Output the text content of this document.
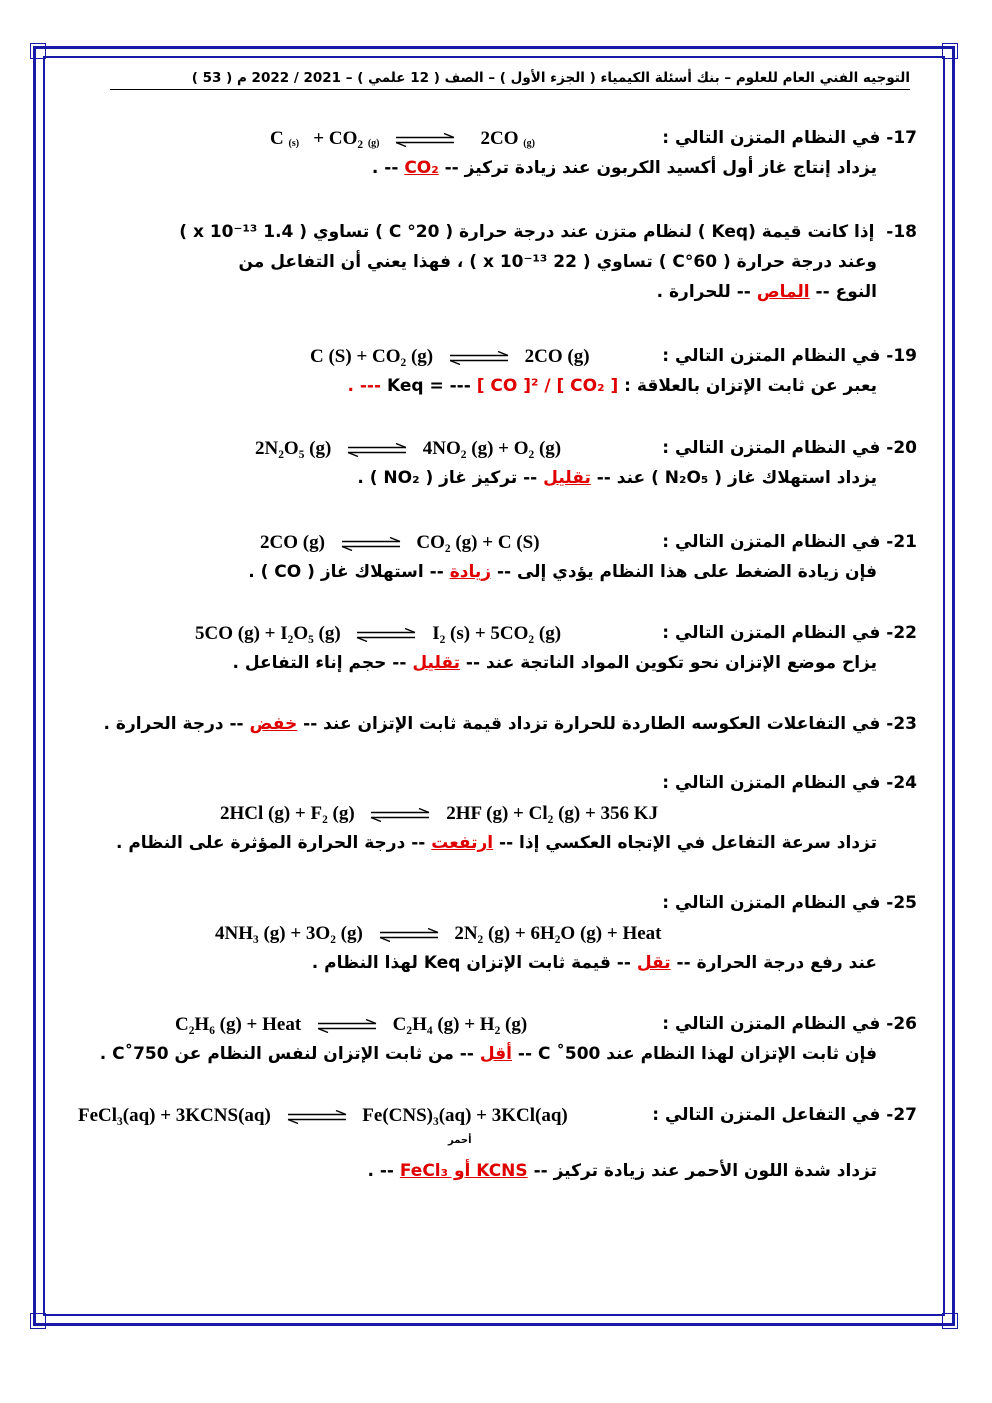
التوجيه الفني العام للعلوم – بنك أسئلة الكيمياء ( الجزء الأول ) – الصف ( 12 علمي ) – 2021 / 2022 م ( 53 )
17- في النظام المتزن التالي :
C (s) + CO₂ (g)	2CO (g)
يزداد إنتاج غاز أول أكسيد الكربون عند زيادة تركيز -- CO₂ -- .
18-  إذا كانت قيمة (Keq ) لنظام متزن عند درجة حرارة ( 20° C ) تساوي ( 1.4 x 10⁻¹³ )
وعند درجة حرارة ( 60°C ) تساوي ( 22 x 10⁻¹³ ) ، فهذا يعني أن التفاعل من
النوع -- الماص -- للحرارة .
19- في النظام المتزن التالي :
C (S) + CO₂ (g)	2CO (g)
يعبر عن ثابت الإتزان بالعلاقة : Keq = --- [ CO ]² / [ CO₂ ] --- .
20- في النظام المتزن التالي :
2N₂O₅ (g)	4NO₂ (g) + O₂ (g)
يزداد استهلاك غاز ( N₂O₅ ) عند -- تقليل -- تركيز غاز ( NO₂ ) .
21- في النظام المتزن التالي :
2CO (g)	CO₂ (g) + C (S)
فإن زيادة الضغط على هذا النظام يؤدي إلى -- زيادة -- استهلاك غاز ( CO ) .
22- في النظام المتزن التالي :
5CO (g) + I₂O₅ (g)	I₂ (s) + 5CO₂ (g)
يزاح موضع الإتزان نحو تكوين المواد الناتجة عند -- تقليل -- حجم إناء التفاعل .
23- في التفاعلات العكوسه الطاردة للحرارة تزداد قيمة ثابت الإتزان عند -- خفض -- درجة الحرارة .
24- في النظام المتزن التالي :
2HCl (g) + F₂ (g)	2HF (g) + Cl₂ (g) + 356 KJ
تزداد سرعة التفاعل في الإتجاه العكسي إذا -- ارتفعت -- درجة الحرارة المؤثرة على النظام .
25- في النظام المتزن التالي :
4NH₃ (g) + 3O₂ (g)	2N₂ (g) + 6H₂O (g) + Heat
عند رفع درجة الحرارة -- تقل -- قيمة ثابت الإتزان Keq لهذا النظام .
26- في النظام المتزن التالي :
C₂H₆ (g) + Heat	C₂H₄ (g) + H₂ (g)
فإن ثابت الإتزان لهذا النظام عند 500˚ C -- أقل -- من ثابت الإتزان لنفس النظام عن 750˚C .
27- في التفاعل المتزن التالي :
FeCl₃(aq) + 3KCNS(aq)	Fe(CNS)₃(aq) + 3KCl(aq)
أحمر
تزداد شدة اللون الأحمر عند زيادة تركيز -- KCNS أو FeCl₃ -- .
